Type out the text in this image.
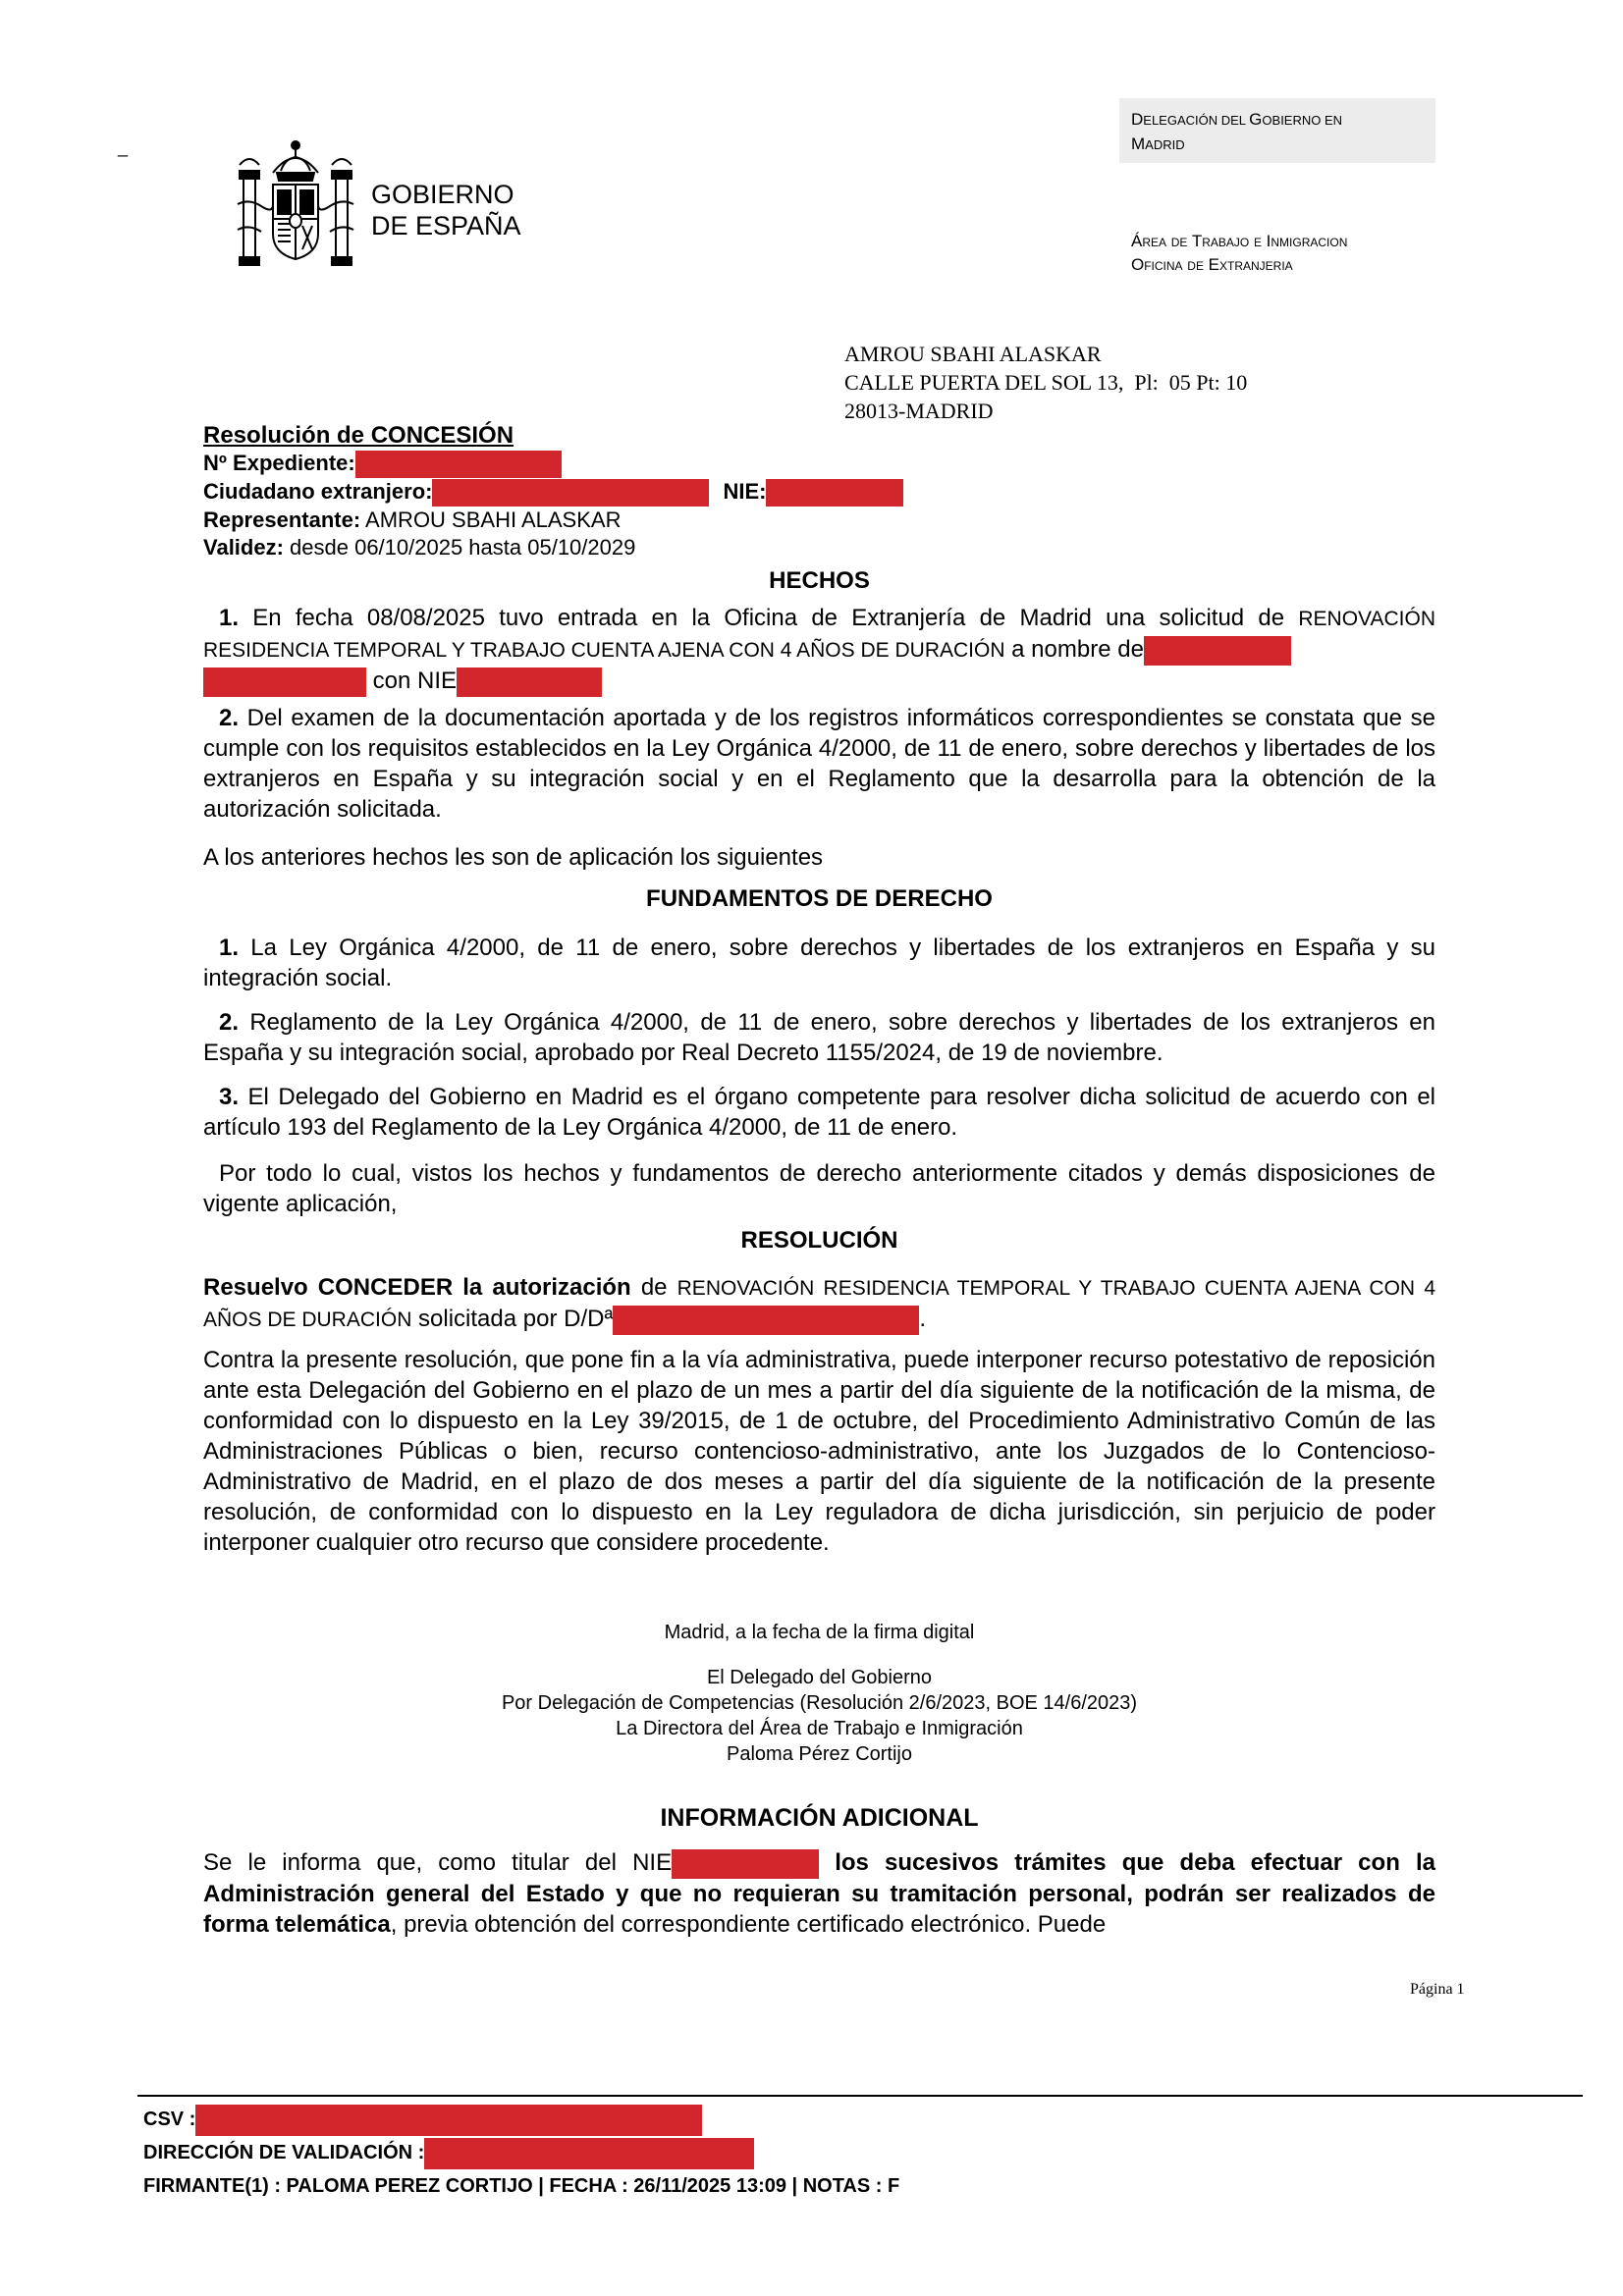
_
GOBIERNO
DE ESPAÑA
DELEGACIÓN DEL GOBIERNO EN
MADRID
Área de Trabajo e Inmigracion
Oficina de Extranjeria
AMROU SBAHI ALASKAR
CALLE PUERTA DEL SOL 13,  Pl:  05 Pt: 10
28013-MADRID
Resolución de CONCESIÓN
Nº Expediente:
Ciudadano extranjero:	NIE:
Representante: AMROU SBAHI ALASKAR
Validez: desde 06/10/2025 hasta 05/10/2029
HECHOS
1. En fecha 08/08/2025 tuvo entrada en la Oficina de Extranjería de Madrid una solicitud de RENOVACIÓN RESIDENCIA TEMPORAL Y TRABAJO CUENTA AJENA CON 4 AÑOS DE DURACIÓN a nombre de
con NIE
2. Del examen de la documentación aportada y de los registros informáticos correspondientes se constata que se cumple con los requisitos establecidos en la Ley Orgánica 4/2000, de 11 de enero, sobre derechos y libertades de los extranjeros en España y su integración social y en el Reglamento que la desarrolla para la obtención de la autorización solicitada.
A los anteriores hechos les son de aplicación los siguientes
FUNDAMENTOS DE DERECHO
1. La Ley Orgánica 4/2000, de 11 de enero, sobre derechos y libertades de los extranjeros en España y su integración social.
2. Reglamento de la Ley Orgánica 4/2000, de 11 de enero, sobre derechos y libertades de los extranjeros en España y su integración social, aprobado por Real Decreto 1155/2024, de 19 de noviembre.
3. El Delegado del Gobierno en Madrid es el órgano competente para resolver dicha solicitud de acuerdo con el artículo 193 del Reglamento de la Ley Orgánica 4/2000, de 11 de enero.
Por todo lo cual, vistos los hechos y fundamentos de derecho anteriormente citados y demás disposiciones de vigente aplicación,
RESOLUCIÓN
Resuelvo CONCEDER la autorización de RENOVACIÓN RESIDENCIA TEMPORAL Y TRABAJO CUENTA AJENA CON 4 AÑOS DE DURACIÓN solicitada por D/Dª	.
Contra la presente resolución, que pone fin a la vía administrativa, puede interponer recurso potestativo de reposición ante esta Delegación del Gobierno en el plazo de un mes a partir del día siguiente de la notificación de la misma, de conformidad con lo dispuesto en la Ley 39/2015, de 1 de octubre, del Procedimiento Administrativo Común de las Administraciones Públicas o bien, recurso contencioso-administrativo, ante los Juzgados de lo Contencioso-Administrativo de Madrid, en el plazo de dos meses a partir del día siguiente de la notificación de la presente resolución, de conformidad con lo dispuesto en la Ley reguladora de dicha jurisdicción, sin perjuicio de poder interponer cualquier otro recurso que considere procedente.
Madrid, a la fecha de la firma digital
El Delegado del Gobierno
Por Delegación de Competencias (Resolución 2/6/2023, BOE 14/6/2023)
La Directora del Área de Trabajo e Inmigración
Paloma Pérez Cortijo
INFORMACIÓN ADICIONAL
Se le informa que, como titular del NIE	los sucesivos trámites que deba efectuar con la Administración general del Estado y que no requieran su tramitación personal, podrán ser realizados de forma telemática, previa obtención del correspondiente certificado electrónico. Puede
Página 1
CSV :
DIRECCIÓN DE VALIDACIÓN :
FIRMANTE(1) : PALOMA PEREZ CORTIJO | FECHA : 26/11/2025 13:09 | NOTAS : F
